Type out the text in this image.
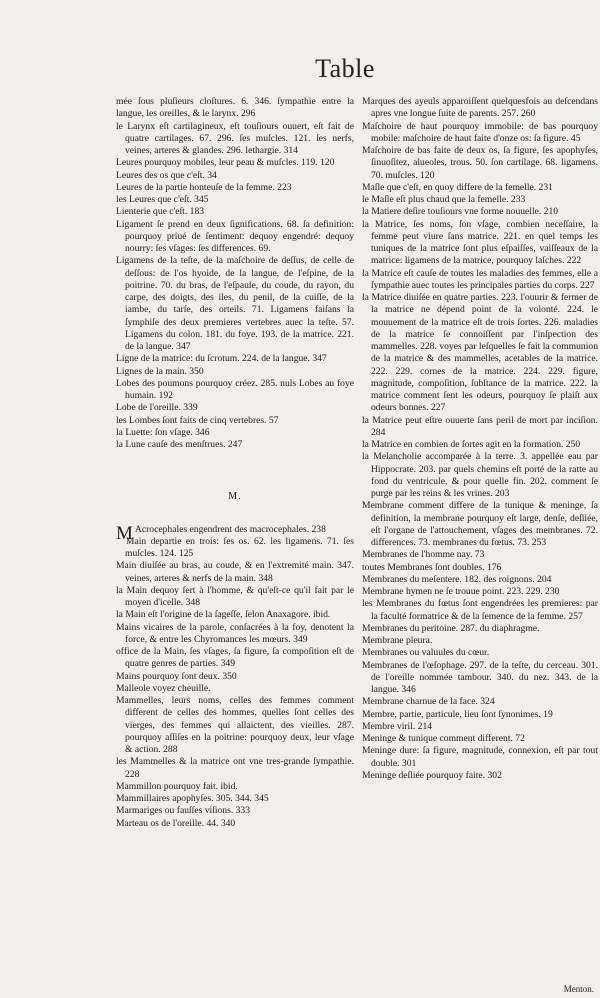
Table

mée ſous pluſieurs cloſtures. 6. 346. ſympathie entre la langue, les oreilles, & le larynx. 296

le Larynx eſt cartilagineux, eſt touſiours ouuert, eſt fait de quatre cartilages. 67. 296. ſes muſcles. 121. ſes nerfs, veines, arteres & glandes. 296. lethargie. 314

Leures pourquoy mobiles, leur peau & muſcles. 119. 120

Leures des os que c'eſt. 34

Leures de la partie honteuſe de la femme. 223

les Leures que c'eſt. 345

Lienterie que c'eſt. 183

Ligament ſe prend en deux ſignifications. 68. ſa definition: pourquoy priué de ſentiment: dequoy engendré: dequoy nourry: ſes vſages: ſes differences. 69.

Ligamens de la teſte, de la maſchoire de deſſus, de celle de deſſous: de l'os hyoide, de la langue, de l'eſpine, de la poitrine. 70. du bras, de l'eſpaule, du coude, du rayon, du carpe, des doigts, des iles, du penil, de la cuiſſe, de la iambe, du tarſe, des orteils. 71. Ligamens faiſans la ſymphiſe des deux premieres vertebres auec la teſte. 57. Ligamens du colon. 181. du foye. 193. de la matrice. 221. de la langue. 347

Ligne de la matrice: du ſcrotum. 224. de la langue. 347

Lignes de la main. 350

Lobes des poumons pourquoy créez. 285. nuls Lobes au foye humain. 192

Lobe de l'oreille. 339

les Lombes ſont faits de cinq vertebres. 57

la Luette: ſon vſage. 346

la Lune cauſe des menſtrues. 247

M.

M Acrocephales engendrent des macrocephales. 238

Main departie en trois: ſes os. 62. les ligamens. 71. ſes muſcles. 124. 125

Main diuiſée au bras, au coude, & en l'extremité main. 347. veines, arteres & nerfs de la main. 348

la Main dequoy ſert à l'homme, & qu'eſt-ce qu'il fait par le moyen d'icelle. 348

la Main eſt l'origine de la ſageſſe, ſelon Anaxagore. ibid.

Mains vicaires de la parole, conſacrées à la foy, denotent la force, & entre les Chyromances les mœurs. 349

office de la Main, ſes vſages, ſa figure, ſa compoſition eſt de quatre genres de parties. 349

Mains pourquoy ſont deux. 350

Malleole voyez cheuille.

Mammelles, leurs noms, celles des femmes comment different de celles des hommes, quelles ſont celles des vierges, des femmes qui allaictent, des vieilles. 287. pourquoy aſſiſes en la poitrine: pourquoy deux, leur vſage & action. 288

les Mammelles & la matrice ont vne tres-grande ſympathie. 228

Mammillon pourquoy fait. ibid.

Mammillaires apophyſes. 305. 344. 345

Marmariges ou fauſſes viſions. 333

Marteau os de l'oreille. 44. 340

Marques des ayeuls apparoiſſent quelquesfois au deſcendans apres vne longue ſuite de parents. 257. 260

Maſchoire de haut pourquoy immobile: de bas pourquoy mobile: maſchoire de haut faite d'onze os: ſa figure. 45

Maſchoire de bas faite de deux os, ſa figure, ſes apophyſes, ſinuoſitez, alueoles, trous. 50. ſon cartilage. 68. ligamens. 70. muſcles. 120

Maſle que c'eſt, en quoy differe de la femelle. 231

le Maſle eſt plus chaud que la femelle. 233

la Matiere deſire touſiours vne forme nouuelle. 210

la Matrice, ſes noms, ſon vſage, combien neceſſaire, la femme peut viure ſans matrice. 221. en quel temps les tuniques de la matrice ſont plus eſpaiſſes, vaiſſeaux de la matrice: ligamens de la matrice, pourquoy laſches. 222

la Matrice eſt cauſe de toutes les maladies des femmes, elle a ſympathie auec toutes les principales parties du corps. 227

la Matrice diuiſée en quatre parties. 223. l'ouurir & fermer de la matrice ne dépend point de la volonté. 224. le mouuement de la matrice eſt de trois ſortes. 226. maladies de la matrice ſe connoiſſent par l'inſpection des mammelles. 228. voyes par leſquelles ſe fait la communion de la matrice & des mammelles, acetables de la matrice. 222. 229. cornes de la matrice. 224. 229. figure, magnitude, compoſition, ſubſtance de la matrice. 222. la matrice comment ſent les odeurs, pourquoy ſe plaiſt aux odeurs bonnes. 227

la Matrice peut eſtre ouuerte ſans peril de mort par inciſion. 284

la Matrice en combien de ſortes agit en la formation. 250

la Melancholie accomparée à la terre. 3. appellée eau par Hippocrate. 203. par quels chemins eſt porté de la ratte au fond du ventricule, & pour quelle fin. 202. comment ſe purge par les reins & les vrines. 203

Membrane comment differe de la tunique & meninge, ſa definition, la membrane pourquoy eſt large, denſe, deſliée, eſt l'organe de l'attouchement, vſages des membranes. 72. differences. 73. membranes du fœtus. 73. 253

Membranes de l'homme nay. 73

toutes Membranes ſont doubles. 176

Membranes du meſentere. 182. des roignons. 204

Membrane hymen ne ſe trouue point. 223. 229. 230

les Membranes du fœtus ſont engendrées les premieres: par la faculté formatrice & de la ſemence de la femme. 257

Membranes du peritoine. 287. du diaphragme.

Membrane pleura.

Membranes ou valuules du cœur.

Membranes de l'œſophage. 297. de la teſte, du cerceau. 301. de l'oreille nommée tambour. 340. du nez. 343. de la langue. 346

Membrane charnue de la face. 324

Membre, partie, particule, lieu ſont ſynonimes. 19

Membre viril. 214

Meninge & tunique comment different. 72

Meninge dure: ſa figure, magnitude, connexion, eſt par tout double. 301

Meninge deſliée pourquoy faite. 302

Menton.
